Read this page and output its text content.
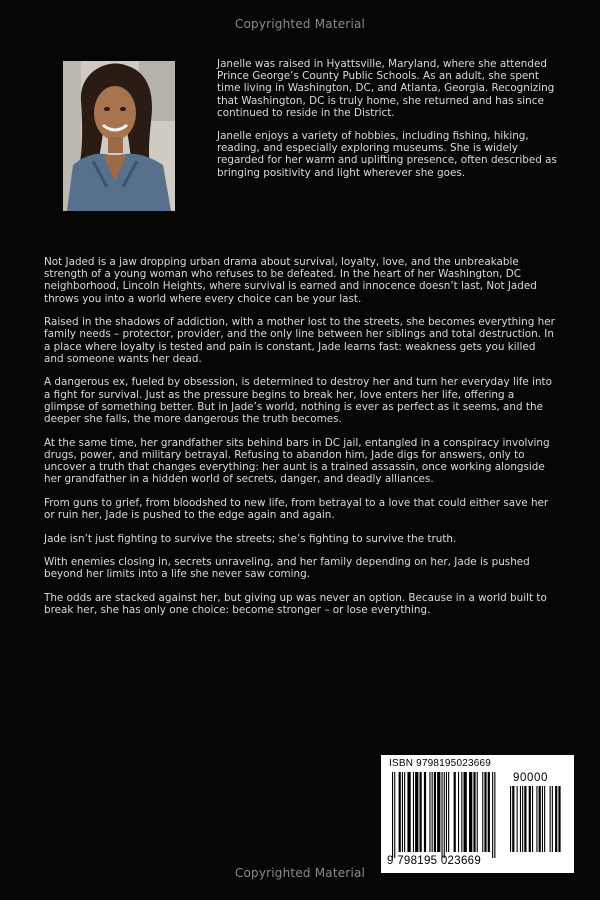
Copyrighted Material

Janelle was raised in Hyattsville, Maryland, where she attended Prince George’s County Public Schools. As an adult, she spent time living in Washington, DC, and Atlanta, Georgia. Recognizing that Washington, DC is truly home, she returned and has since continued to reside in the District.

Janelle enjoys a variety of hobbies, including fishing, hiking, reading, and especially exploring museums. She is widely regarded for her warm and uplifting presence, often described as bringing positivity and light wherever she goes.

Not Jaded is a jaw dropping urban drama about survival, loyalty, love, and the unbreakable strength of a young woman who refuses to be defeated. In the heart of her Washington, DC neighborhood, Lincoln Heights, where survival is earned and innocence doesn’t last, Not Jaded throws you into a world where every choice can be your last.

Raised in the shadows of addiction, with a mother lost to the streets, she becomes everything her family needs – protector, provider, and the only line between her siblings and total destruction. In a place where loyalty is tested and pain is constant, Jade learns fast: weakness gets you killed and someone wants her dead.

A dangerous ex, fueled by obsession, is determined to destroy her and turn her everyday life into a fight for survival. Just as the pressure begins to break her, love enters her life, offering a glimpse of something better. But in Jade’s world, nothing is ever as perfect as it seems, and the deeper she falls, the more dangerous the truth becomes.

At the same time, her grandfather sits behind bars in DC jail, entangled in a conspiracy involving drugs, power, and military betrayal. Refusing to abandon him, Jade digs for answers, only to uncover a truth that changes everything: her aunt is a trained assassin, once working alongside her grandfather in a hidden world of secrets, danger, and deadly alliances.

From guns to grief, from bloodshed to new life, from betrayal to a love that could either save her or ruin her, Jade is pushed to the edge again and again.

Jade isn’t just fighting to survive the streets; she’s fighting to survive the truth.

With enemies closing in, secrets unraveling, and her family depending on her, Jade is pushed beyond her limits into a life she never saw coming.

The odds are stacked against her, but giving up was never an option. Because in a world built to break her, she has only one choice: become stronger – or lose everything.

ISBN 9798195023669
90000
9 798195 023669
Copyrighted Material
